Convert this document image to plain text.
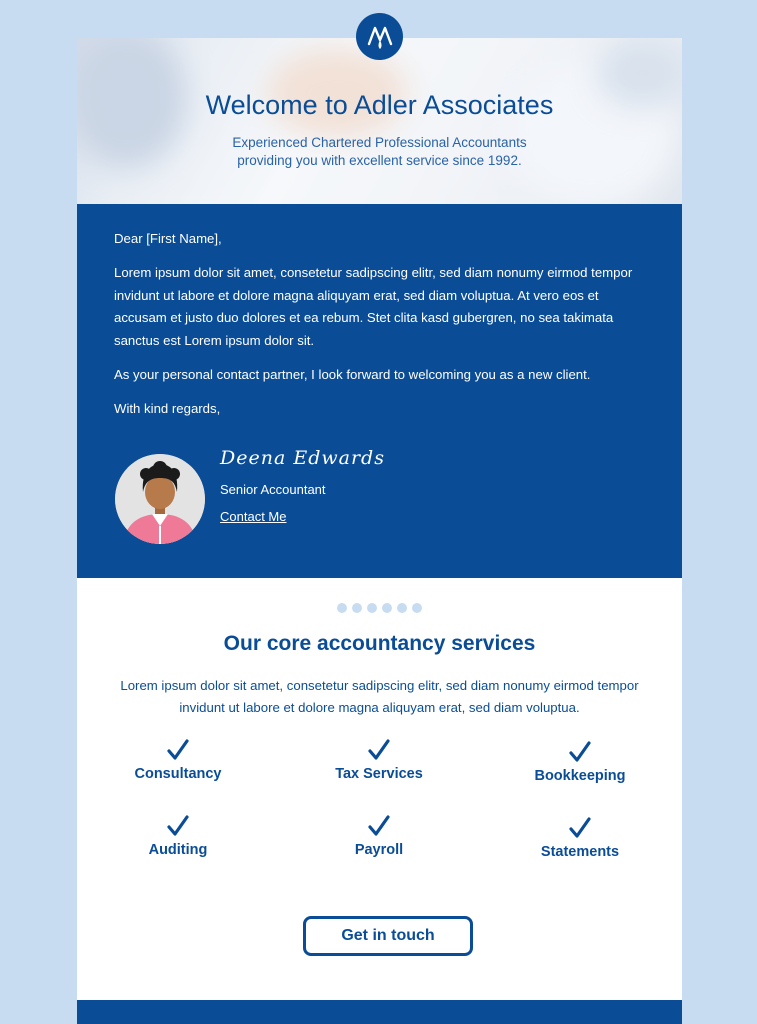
Welcome to Adler Associates
Experienced Chartered Professional Accountants
providing you with excellent service since 1992.
Dear [First Name],
Lorem ipsum dolor sit amet, consetetur sadipscing elitr, sed diam nonumy eirmod tempor invidunt ut labore et dolore magna aliquyam erat, sed diam voluptua. At vero eos et accusam et justo duo dolores et ea rebum. Stet clita kasd gubergren, no sea takimata sanctus est Lorem ipsum dolor sit.
As your personal contact partner, I look forward to welcoming you as a new client.
With kind regards,
Deena Edwards
Senior Accountant
Contact Me

Our core accountancy services
Lorem ipsum dolor sit amet, consetetur sadipscing elitr, sed diam nonumy eirmod tempor invidunt ut labore et dolore magna aliquyam erat, sed diam voluptua.
Consultancy	Tax Services	Bookkeeping
Auditing	Payroll	Statements
Get in touch
